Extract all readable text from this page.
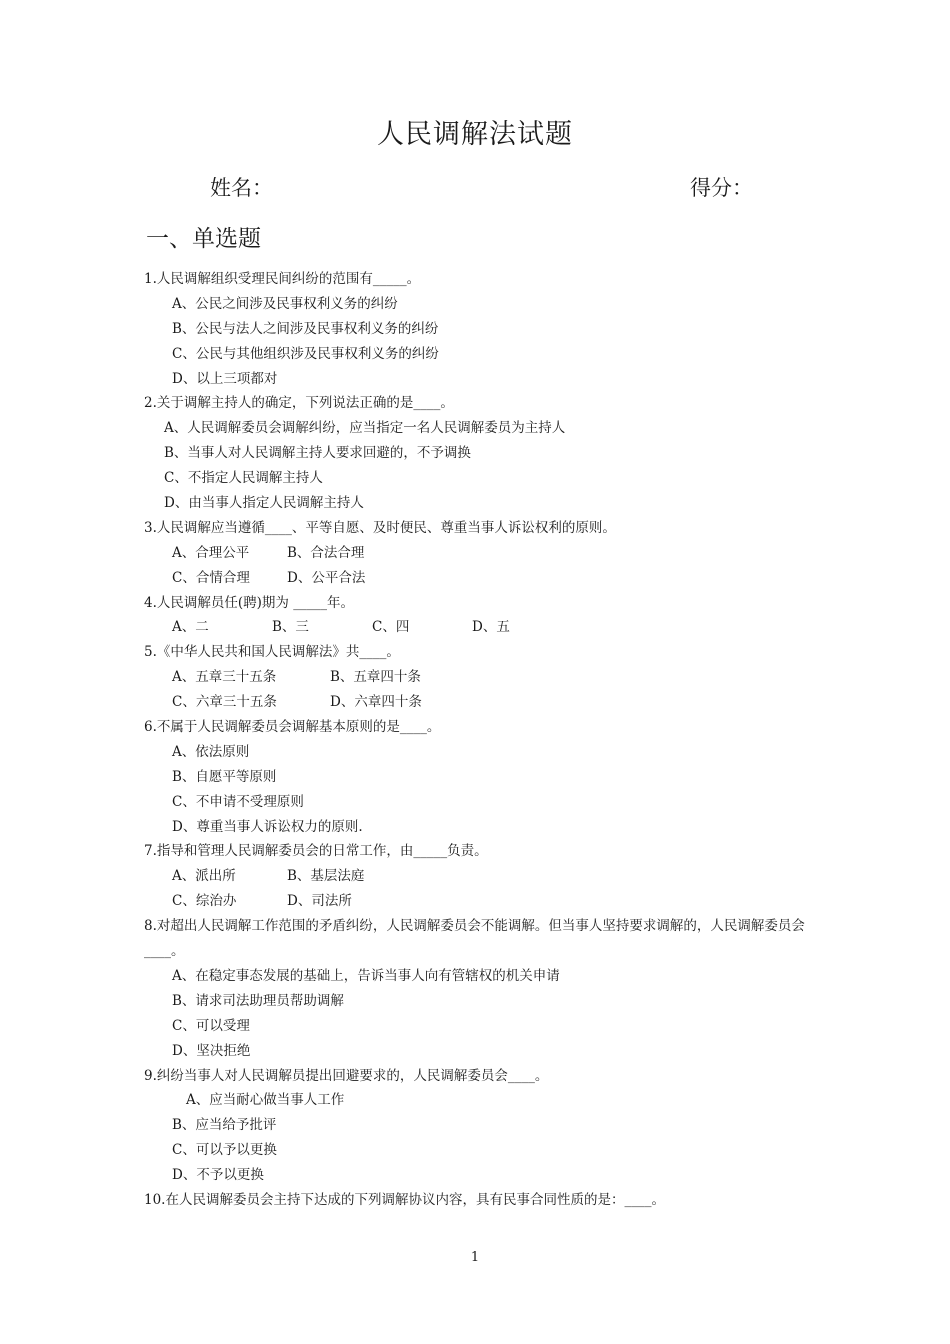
人民调解法试题
姓名：	得分：
一、单选题
1.人民调解组织受理民间纠纷的范围有_____。
A、公民之间涉及民事权利义务的纠纷
B、公民与法人之间涉及民事权利义务的纠纷
C、公民与其他组织涉及民事权利义务的纠纷
D、以上三项都对
2.关于调解主持人的确定，下列说法正确的是____。
A、人民调解委员会调解纠纷，应当指定一名人民调解委员为主持人
B、当事人对人民调解主持人要求回避的，不予调换
C、不指定人民调解主持人
D、由当事人指定人民调解主持人
3.人民调解应当遵循____、平等自愿、及时便民、尊重当事人诉讼权利的原则。
A、合理公平	B、合法合理
C、合情合理	D、公平合法
4.人民调解员任(聘)期为 _____年。
A、二	B、三	C、四	D、五
5.《中华人民共和国人民调解法》共____。
A、五章三十五条	B、五章四十条
C、六章三十五条	D、六章四十条
6.不属于人民调解委员会调解基本原则的是____。
A、依法原则
B、自愿平等原则
C、不申请不受理原则
D、尊重当事人诉讼权力的原则.
7.指导和管理人民调解委员会的日常工作，由_____负责。
A、派出所	B、基层法庭
C、综治办	D、司法所
8.对超出人民调解工作范围的矛盾纠纷，人民调解委员会不能调解。但当事人坚持要求调解的，人民调解委员会____。
A、在稳定事态发展的基础上，告诉当事人向有管辖权的机关申请
B、请求司法助理员帮助调解
C、可以受理
D、坚决拒绝
9.纠纷当事人对人民调解员提出回避要求的，人民调解委员会____。
A、应当耐心做当事人工作
B、应当给予批评
C、可以予以更换
D、不予以更换
10.在人民调解委员会主持下达成的下列调解协议内容，具有民事合同性质的是：____。
1
